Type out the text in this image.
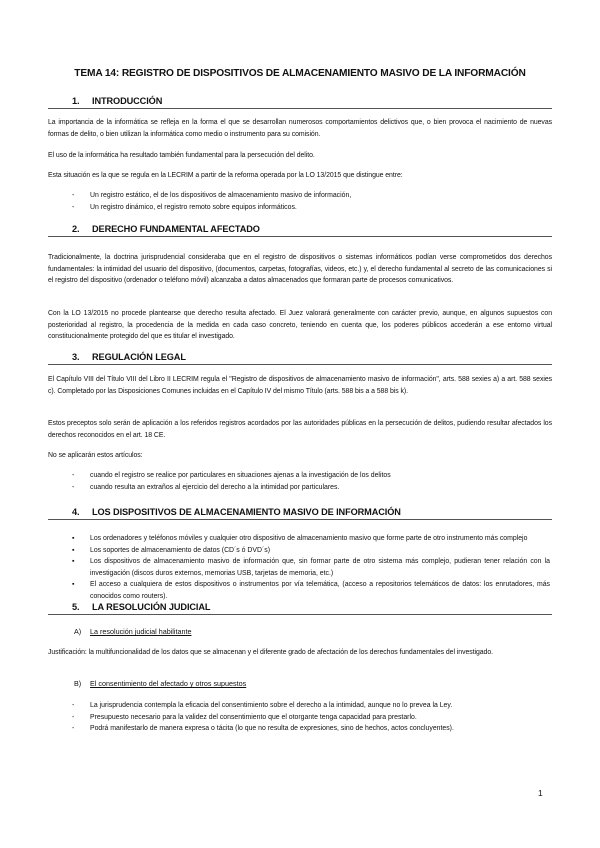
TEMA 14: REGISTRO DE DISPOSITIVOS DE ALMACENAMIENTO MASIVO DE LA INFORMACIÓN
1. INTRODUCCIÓN
La importancia de la informática se refleja en la forma el que se desarrollan numerosos comportamientos delictivos que, o bien provoca el nacimiento de nuevas formas de delito, o bien utilizan la informática como medio o instrumento para su comisión.
El uso de la informática ha resultado también fundamental para la persecución del delito.
Esta situación es la que se regula en la LECRIM a partir de la reforma operada por la LO 13/2015 que distingue entre:
- Un registro estático, el de los dispositivos de almacenamiento masivo de información,
- Un registro dinámico, el registro remoto sobre equipos informáticos.
2. DERECHO FUNDAMENTAL AFECTADO
Tradicionalmente, la doctrina jurisprudencial consideraba que en el registro de dispositivos o sistemas informáticos podían verse comprometidos dos derechos fundamentales: la intimidad del usuario del dispositivo, (documentos, carpetas, fotografías, videos, etc.) y, el derecho fundamental al secreto de las comunicaciones si el registro del dispositivo (ordenador o teléfono móvil) alcanzaba a datos almacenados que formaran parte de procesos comunicativos.
Con la LO 13/2015 no procede plantearse que derecho resulta afectado. El Juez valorará generalmente con carácter previo, aunque, en algunos supuestos con posterioridad al registro, la procedencia de la medida en cada caso concreto, teniendo en cuenta que, los poderes públicos accederán a ese entorno virtual constitucionalmente protegido del que es titular el investigado.
3. REGULACIÓN LEGAL
El Capítulo VIII del Título VIII del Libro II LECRIM regula el "Registro de dispositivos de almacenamiento masivo de información", arts. 588 sexies a) a art. 588 sexies c). Completado por las Disposiciones Comunes incluidas en el Capítulo IV del mismo Título (arts. 588 bis a a 588 bis k).
Estos preceptos solo serán de aplicación a los referidos registros acordados por las autoridades públicas en la persecución de delitos, pudiendo resultar afectados los derechos reconocidos en el art. 18 CE.
No se aplicarán estos artículos:
- cuando el registro se realice por particulares en situaciones ajenas a la investigación de los delitos
- cuando resulta an extraños al ejercicio del derecho a la intimidad por particulares.
4. LOS DISPOSITIVOS DE ALMACENAMIENTO MASIVO DE INFORMACIÓN
▪ Los ordenadores y teléfonos móviles y cualquier otro dispositivo de almacenamiento masivo que forme parte de otro instrumento más complejo
▪ Los soportes de almacenamiento de datos (CD´s ó DVD´s)
▪ Los dispositivos de almacenamiento masivo de información que, sin formar parte de otro sistema más complejo, pudieran tener relación con la investigación (discos duros externos, memorias USB, tarjetas de memoria, etc.)
▪ El acceso a cualquiera de estos dispositivos o instrumentos por vía telemática, (acceso a repositorios telemáticos de datos: los enrutadores, más conocidos como routers).
5. LA RESOLUCIÓN JUDICIAL
A) La resolución judicial habilitante
Justificación: la multifuncionalidad de los datos que se almacenan y el diferente grado de afectación de los derechos fundamentales del investigado.
B) El consentimiento del afectado y otros supuestos
- La jurisprudencia contempla la eficacia del consentimiento sobre el derecho a la intimidad, aunque no lo prevea la Ley.
- Presupuesto necesario para la validez del consentimiento que el otorgante tenga capacidad para prestarlo.
- Podrá manifestarlo de manera expresa o tácita (lo que no resulta de expresiones, sino de hechos, actos concluyentes).
1
